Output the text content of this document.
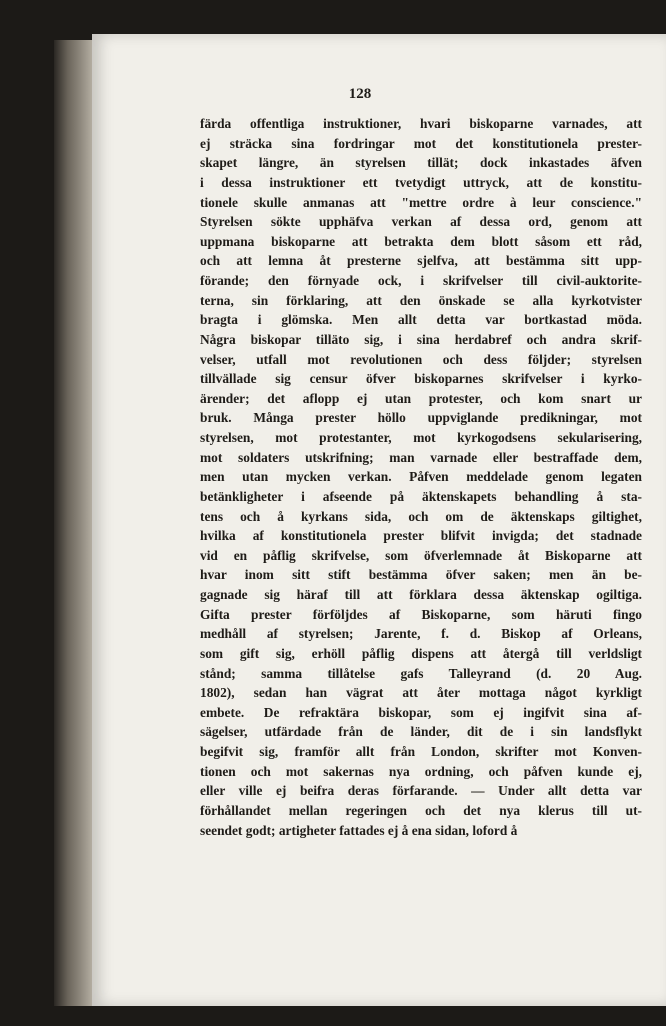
128
färda offentliga instruktioner, hvari biskoparne varnades, att
ej sträcka sina fordringar mot det konstitutionela prester-
skapet längre, än styrelsen tillät; dock inkastades äfven
i dessa instruktioner ett tvetydigt uttryck, att de konstitu-
tionele skulle anmanas att "mettre ordre à leur conscience."
Styrelsen sökte upphäfva verkan af dessa ord, genom att
uppmana biskoparne att betrakta dem blott såsom ett råd,
och att lemna åt presterne sjelfva, att bestämma sitt upp-
förande; den förnyade ock, i skrifvelser till civil-auktorite-
terna, sin förklaring, att den önskade se alla kyrkotvister
bragta i glömska. Men allt detta var bortkastad möda.
Några biskopar tilläto sig, i sina herdabref och andra skrif-
velser, utfall mot revolutionen och dess följder; styrelsen
tillvällade sig censur öfver biskoparnes skrifvelser i kyrko-
ärender; det aflopp ej utan protester, och kom snart ur
bruk. Många prester höllo uppviglande predikningar, mot
styrelsen, mot protestanter, mot kyrkogodsens sekularisering,
mot soldaters utskrifning; man varnade eller bestraffade dem,
men utan mycken verkan. Påfven meddelade genom legaten
betänkligheter i afseende på äktenskapets behandling å sta-
tens och å kyrkans sida, och om de äktenskaps giltighet,
hvilka af konstitutionela prester blifvit invigda; det stadnade
vid en påflig skrifvelse, som öfverlemnade åt Biskoparne att
hvar inom sitt stift bestämma öfver saken; men än be-
gagnade sig häraf till att förklara dessa äktenskap ogiltiga.
Gifta prester förföljdes af Biskoparne, som häruti fingo
medhåll af styrelsen; Jarente, f. d. Biskop af Orleans,
som gift sig, erhöll påflig dispens att återgå till verldsligt
stånd; samma tillåtelse gafs Talleyrand (d. 20 Aug.
1802), sedan han vägrat att åter mottaga något kyrkligt
embete. De refraktära biskopar, som ej ingifvit sina af-
sägelser, utfärdade från de länder, dit de i sin landsflykt
begifvit sig, framför allt från London, skrifter mot Konven-
tionen och mot sakernas nya ordning, och påfven kunde ej,
eller ville ej beifra deras förfarande. — Under allt detta var
förhållandet mellan regeringen och det nya klerus till ut-
seendet godt; artigheter fattades ej å ena sidan, loford å
